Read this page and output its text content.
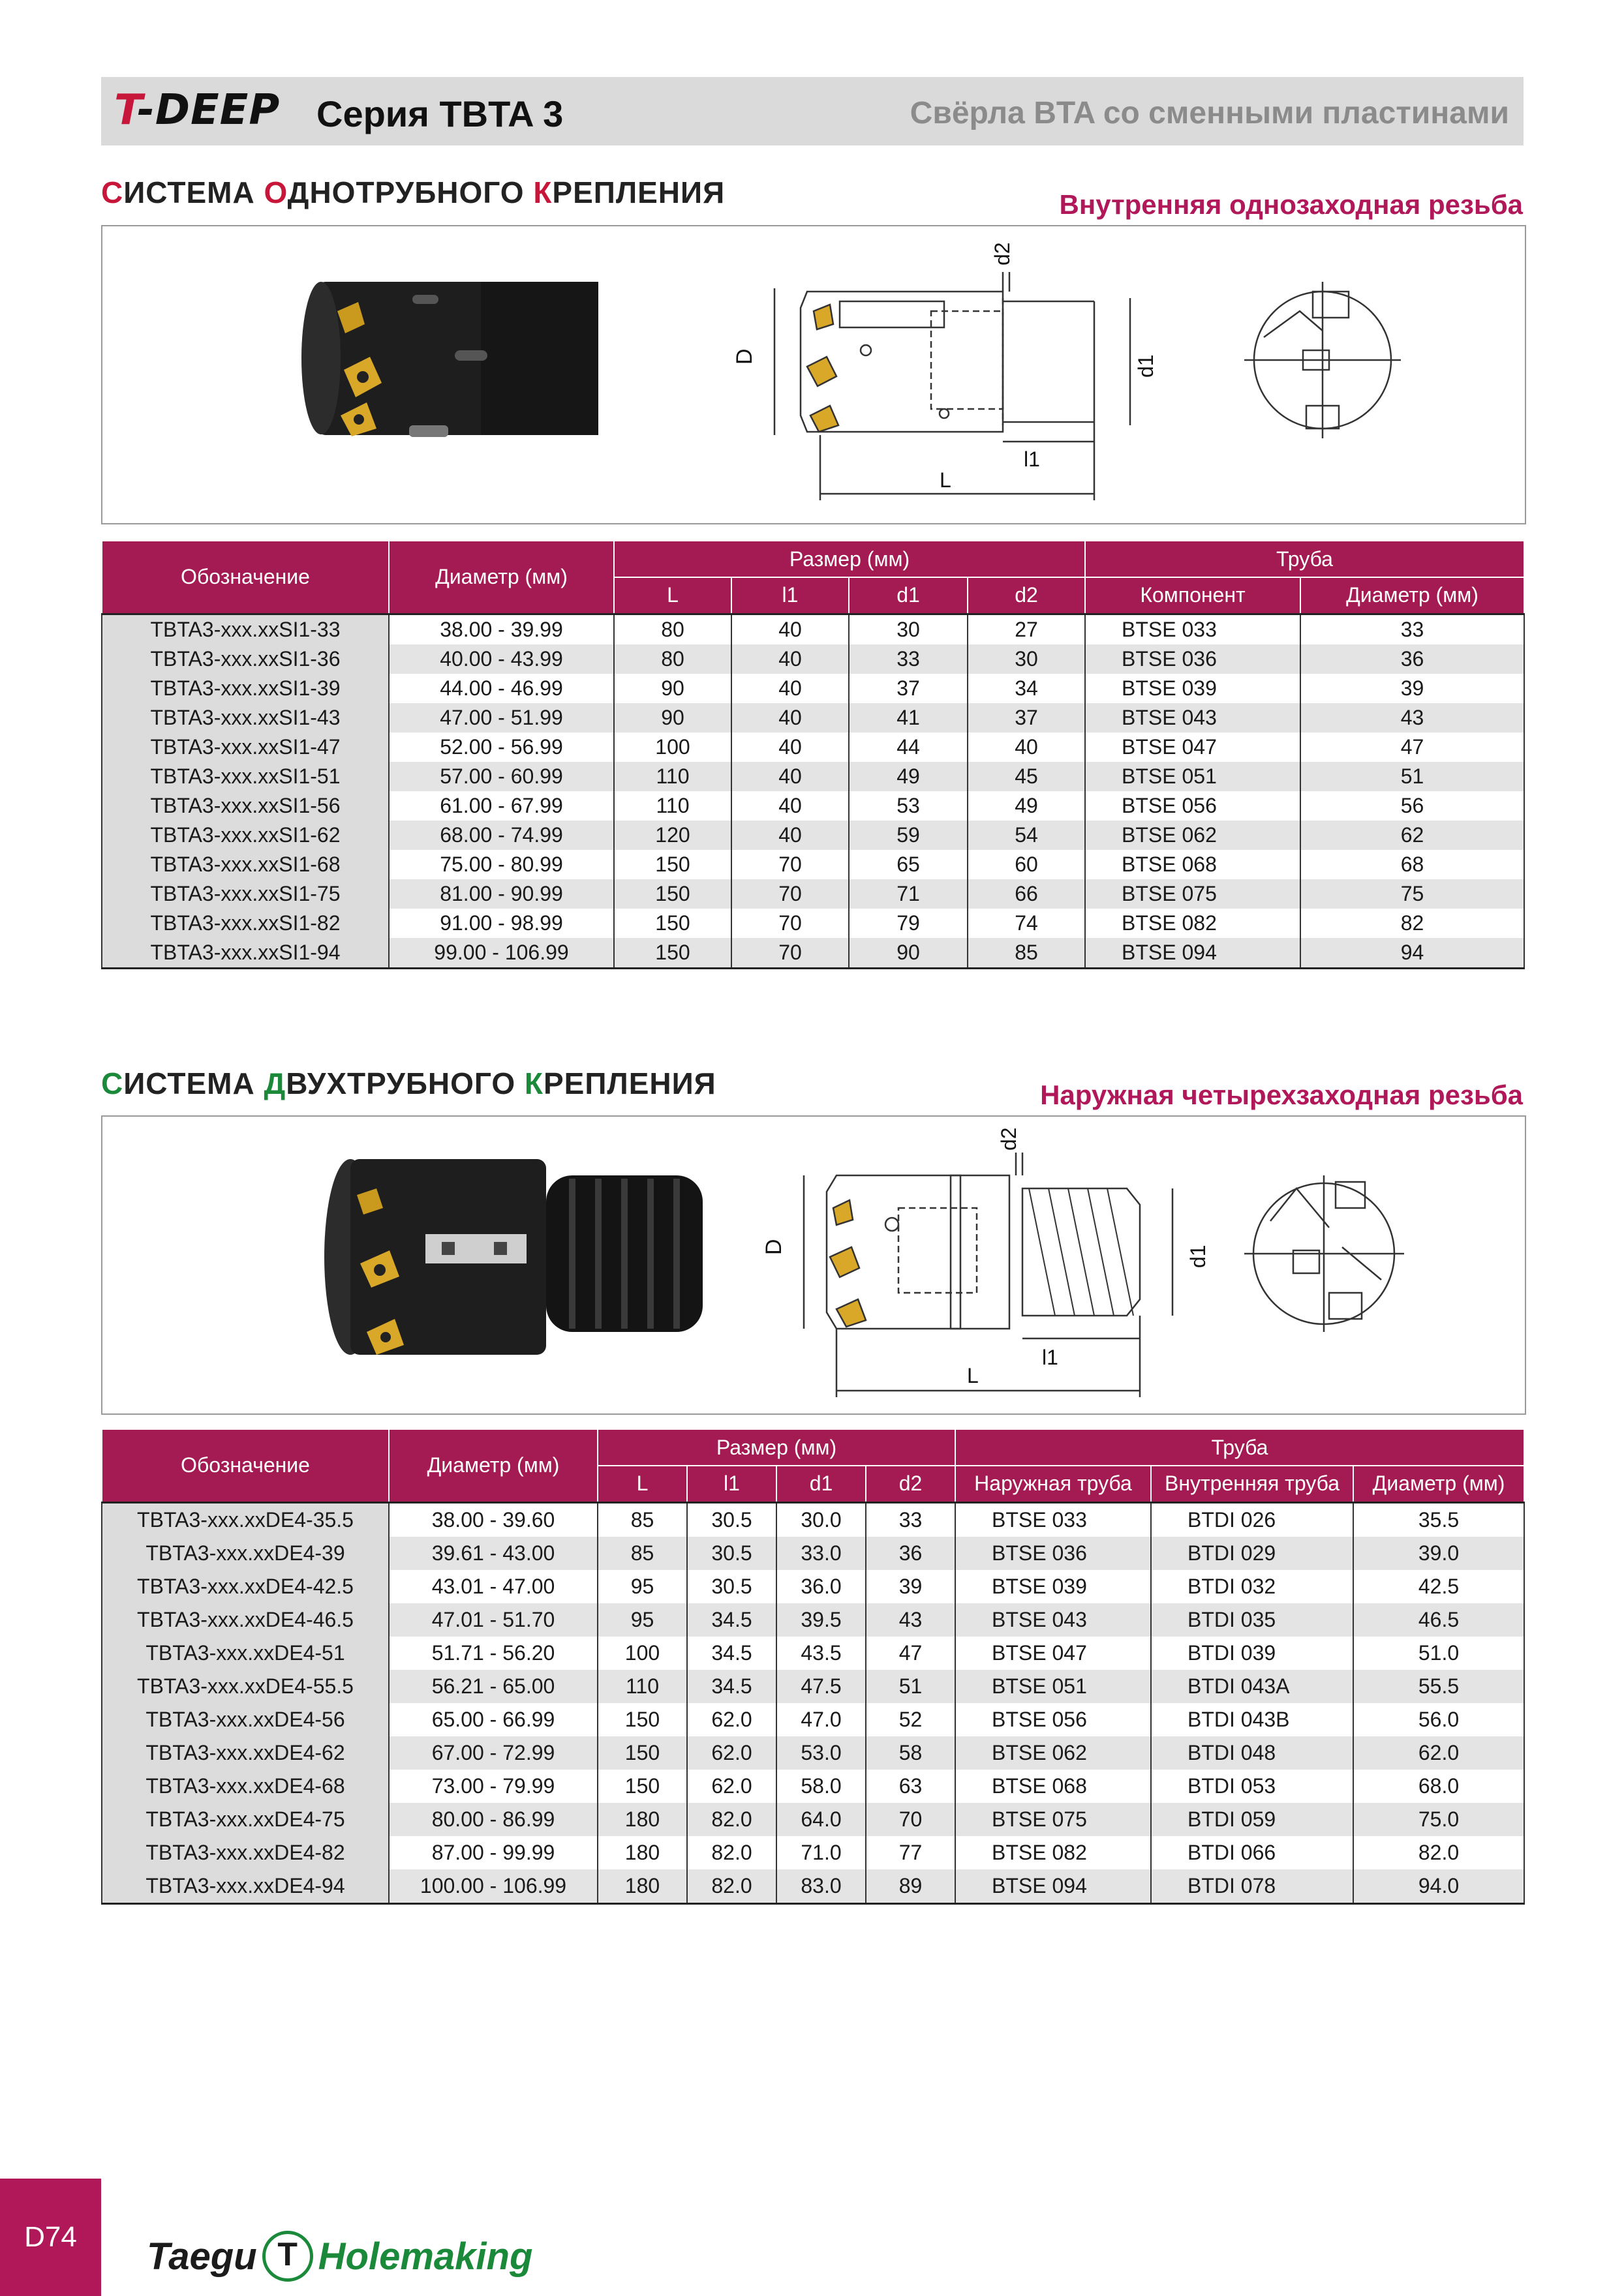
T-DEEP Серия TBTA 3	Свёрла BTA со сменными пластинами
СИСТЕМА ОДНОТРУБНОГО КРЕПЛЕНИЯ	Внутренняя однозаходная резьба
D
d2
d1
l1
L
Обозначение	Диаметр (мм)	Размер (мм)				Труба	
		L	l1	d1	d2	Компонент	Диаметр (мм)
TBTA3-xxx.xxSI1-33	38.00 - 39.99	80	40	30	27	BTSE 033	33
TBTA3-xxx.xxSI1-36	40.00 - 43.99	80	40	33	30	BTSE 036	36
TBTA3-xxx.xxSI1-39	44.00 - 46.99	90	40	37	34	BTSE 039	39
TBTA3-xxx.xxSI1-43	47.00 - 51.99	90	40	41	37	BTSE 043	43
TBTA3-xxx.xxSI1-47	52.00 - 56.99	100	40	44	40	BTSE 047	47
TBTA3-xxx.xxSI1-51	57.00 - 60.99	110	40	49	45	BTSE 051	51
TBTA3-xxx.xxSI1-56	61.00 - 67.99	110	40	53	49	BTSE 056	56
TBTA3-xxx.xxSI1-62	68.00 - 74.99	120	40	59	54	BTSE 062	62
TBTA3-xxx.xxSI1-68	75.00 - 80.99	150	70	65	60	BTSE 068	68
TBTA3-xxx.xxSI1-75	81.00 - 90.99	150	70	71	66	BTSE 075	75
TBTA3-xxx.xxSI1-82	91.00 - 98.99	150	70	79	74	BTSE 082	82
TBTA3-xxx.xxSI1-94	99.00 - 106.99	150	70	90	85	BTSE 094	94
СИСТЕМА ДВУХТРУБНОГО КРЕПЛЕНИЯ	Наружная четырехзаходная резьба
D
d2
d1
l1
L
Обозначение	Диаметр (мм)	Размер (мм)				Труба		
		L	l1	d1	d2	Наружная труба	Внутренняя труба	Диаметр (мм)
TBTA3-xxx.xxDE4-35.5	38.00 - 39.60	85	30.5	30.0	33	BTSE 033	BTDI 026	35.5
TBTA3-xxx.xxDE4-39	39.61 - 43.00	85	30.5	33.0	36	BTSE 036	BTDI 029	39.0
TBTA3-xxx.xxDE4-42.5	43.01 - 47.00	95	30.5	36.0	39	BTSE 039	BTDI 032	42.5
TBTA3-xxx.xxDE4-46.5	47.01 - 51.70	95	34.5	39.5	43	BTSE 043	BTDI 035	46.5
TBTA3-xxx.xxDE4-51	51.71 - 56.20	100	34.5	43.5	47	BTSE 047	BTDI 039	51.0
TBTA3-xxx.xxDE4-55.5	56.21 - 65.00	110	34.5	47.5	51	BTSE 051	BTDI 043A	55.5
TBTA3-xxx.xxDE4-56	65.00 - 66.99	150	62.0	47.0	52	BTSE 056	BTDI 043B	56.0
TBTA3-xxx.xxDE4-62	67.00 - 72.99	150	62.0	53.0	58	BTSE 062	BTDI 048	62.0
TBTA3-xxx.xxDE4-68	73.00 - 79.99	150	62.0	58.0	63	BTSE 068	BTDI 053	68.0
TBTA3-xxx.xxDE4-75	80.00 - 86.99	180	82.0	64.0	70	BTSE 075	BTDI 059	75.0
TBTA3-xxx.xxDE4-82	87.00 - 99.99	180	82.0	71.0	77	BTSE 082	BTDI 066	82.0
TBTA3-xxx.xxDE4-94	100.00 - 106.99	180	82.0	83.0	89	BTSE 094	BTDI 078	94.0
D74	Taegu T Holemaking
